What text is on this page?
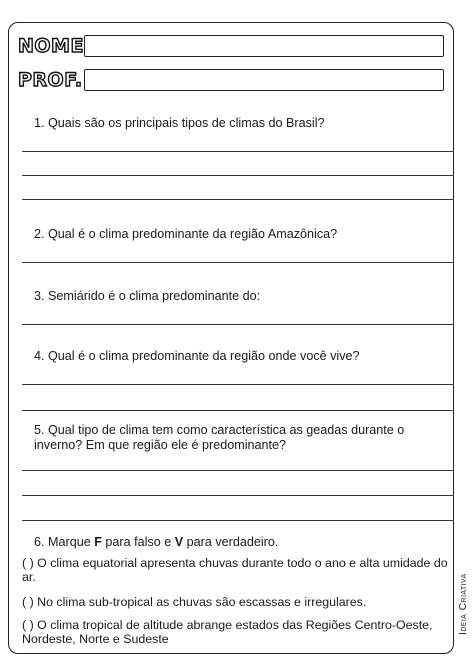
NOME
PROF.
1. Quais são os principais tipos de climas do Brasil?
2. Qual é o clima predominante da região Amazônica?
3. Semiárido é o clima predominante do:
4. Qual é o clima predominante da região onde você vive?
5. Qual tipo de clima tem como característica as geadas durante o inverno? Em que região ele é predominante?
6. Marque F para falso e V para verdadeiro.
( ) O clima equatorial apresenta chuvas durante todo o ano e alta umidade do ar.
( ) No clima sub-tropical as chuvas são escassas e irregulares.
( ) O clima tropical de altitude abrange estados das Regiões Centro-Oeste, Nordeste, Norte e Sudeste
Ideia Criativa
